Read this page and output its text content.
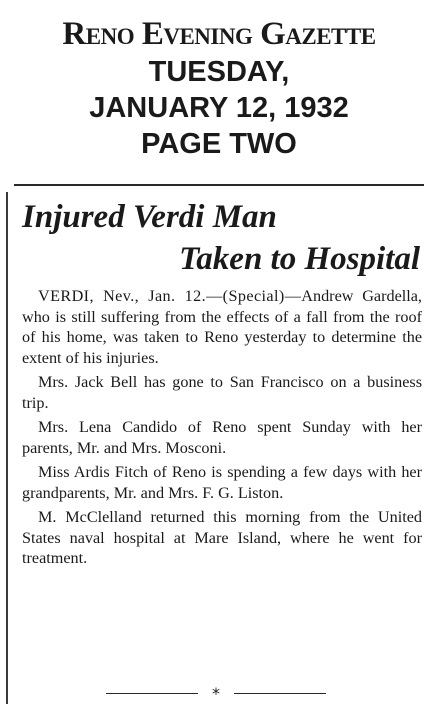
Reno Evening Gazette
TUESDAY,
JANUARY 12, 1932
PAGE TWO
Injured Verdi Man
Taken to Hospital

VERDI, Nev., Jan. 12.—(Special)—Andrew Gardella, who is still suffering from the effects of a fall from the roof of his home, was taken to Reno yesterday to determine the extent of his injuries.

Mrs. Jack Bell has gone to San Francisco on a business trip.

Mrs. Lena Candido of Reno spent Sunday with her parents, Mr. and Mrs. Mosconi.

Miss Ardis Fitch of Reno is spending a few days with her grandparents, Mr. and Mrs. F. G. Liston.

M. McClelland returned this morning from the United States naval hospital at Mare Island, where he went for treatment.

*
